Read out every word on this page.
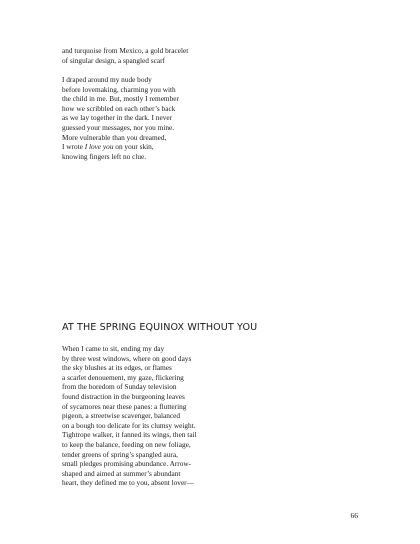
and turquoise from Mexico, a gold bracelet
of singular design, a spangled scarf
I draped around my nude body
before lovemaking, charming you with
the child in me. But, mostly I remember
how we scribbled on each other’s back
as we lay together in the dark. I never
guessed your messages, nor you mine.
More vulnerable than you dreamed,
I wrote I love you on your skin,
knowing fingers left no clue.
AT THE SPRING EQUINOX WITHOUT YOU
When I came to sit, ending my day
by three west windows, where on good days
the sky blushes at its edges, or flames
a scarlet denouement, my gaze, flickering
from the boredom of Sunday television
found distraction in the burgeoning leaves
of sycamores near these panes: a fluttering
pigeon, a streetwise scavenger, balanced
on a bough too delicate for its clumsy weight.
Tightrope walker, it fanned its wings, then tail
to keep the balance, feeding on new foliage,
tender greens of spring’s spangled aura,
small pledges promising abundance. Arrow-
shaped and aimed at summer’s abundant
heart, they defined me to you, absent lover—
66
